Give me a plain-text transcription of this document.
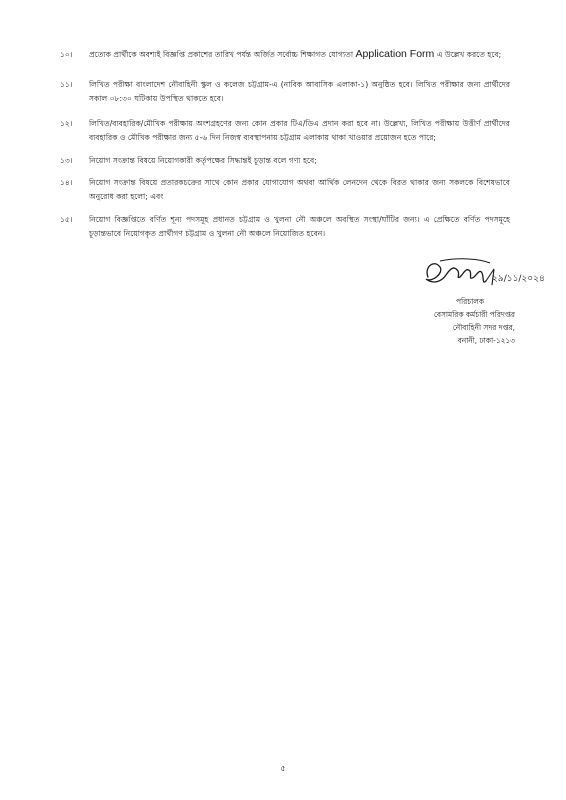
১০।	প্রত্যেক প্রার্থীকে অবশ্যই বিজ্ঞপ্তি প্রকাশের তারিখ পর্যন্ত অর্জিত সর্বোচ্চ শিক্ষাগত যোগ্যতা Application Form এ উল্লেখ করতে হবে;
১১।	লিখিত পরীক্ষা বাংলাদেশ নৌবাহিনী স্কুল ও কলেজ চট্টগ্রাম-এ (নাবিক আবাসিক এলাকা-১) অনুষ্ঠিত হবে। লিখিত পরীক্ষার জন্য প্রার্থীদের সকাল ০৮:৩০ ঘটিকায় উপস্থিত থাকতে হবে।
১২।	লিখিত/ব্যবহারিক/মৌখিক পরীক্ষায় অংশগ্রহণের জন্য কোন প্রকার টিএ/ডিএ প্রদান করা হবে না। উল্লেখ্য, লিখিত পরীক্ষায় উত্তীর্ণ প্রার্থীদের ব্যবহারিক ও মৌখিক পরীক্ষার জন্য ৫-৬ দিন নিজস্ব ব্যবস্থাপনায় চট্টগ্রাম এলাকায় থাকা খাওয়ার প্রয়োজন হতে পারে;
১৩।	নিয়োগ সংক্রান্ত বিষয়ে নিয়োগকারী কর্তৃপক্ষের সিদ্ধান্তই চূড়ান্ত বলে গণ্য হবে;
১৪।	নিয়োগ সংক্রান্ত বিষয়ে প্রতারকচক্রের সাথে কোন প্রকার যোগাযোগ অথবা আর্থিক লেনদেন থেকে বিরত থাকার জন্য সকলকে বিশেষভাবে অনুরোধ করা হলো; এবং
১৫।	নিয়োগ বিজ্ঞপ্তিতে বর্ণিত শূন্য পদসমূহ প্রধানত চট্টগ্রাম ও খুলনা নৌ অঞ্চলে অবস্থিত সংস্থা/ঘাঁটির জন্য। এ প্রেক্ষিতে বর্ণিত পদসমূহে চূড়ান্তভাবে নিয়োগকৃত প্রার্থীগণ চট্টগ্রাম ও খুলনা নৌ অঞ্চলে নিয়োজিত হবেন।
২৯/১১/২০২৪
পরিচালক
বেসামরিক কর্মচারী পরিদপ্তর
নৌবাহিনী সদর দপ্তর,
বনানী, ঢাকা-১২১৩
৫
